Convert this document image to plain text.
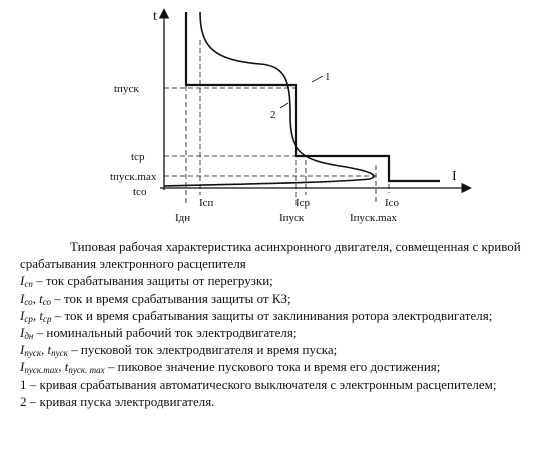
1
2
t
I
tпуск
tср
tпуск.max
tco
Iдн
Iсп
Iпуск
Iср
Iпуск.max
Ico

Типовая рабочая характеристика асинхронного двигателя, совмещенная с кривой срабатывания электронного расцепителя

$I_{сп}$ – ток срабатывания защиты от перегрузки;

$I_{со}$, $t_{со}$ – ток и время срабатывания защиты от КЗ;

$I_{ср}$, $t_{ср}$ – ток и время срабатывания защиты от заклинивания ротора электродвигателя;

$I_{дн}$ – номинальный рабочий ток электродвигателя;

$I_{пуск}$, $t_{пуск}$ – пусковой ток электродвигателя и время пуска;

$I_{пуск.max}$, $t_{пуск. max}$ – пиковое значение пускового тока и время его достижения;

1 – кривая срабатывания автоматического выключателя с электронным расцепителем;

2 – кривая пуска электродвигателя.
